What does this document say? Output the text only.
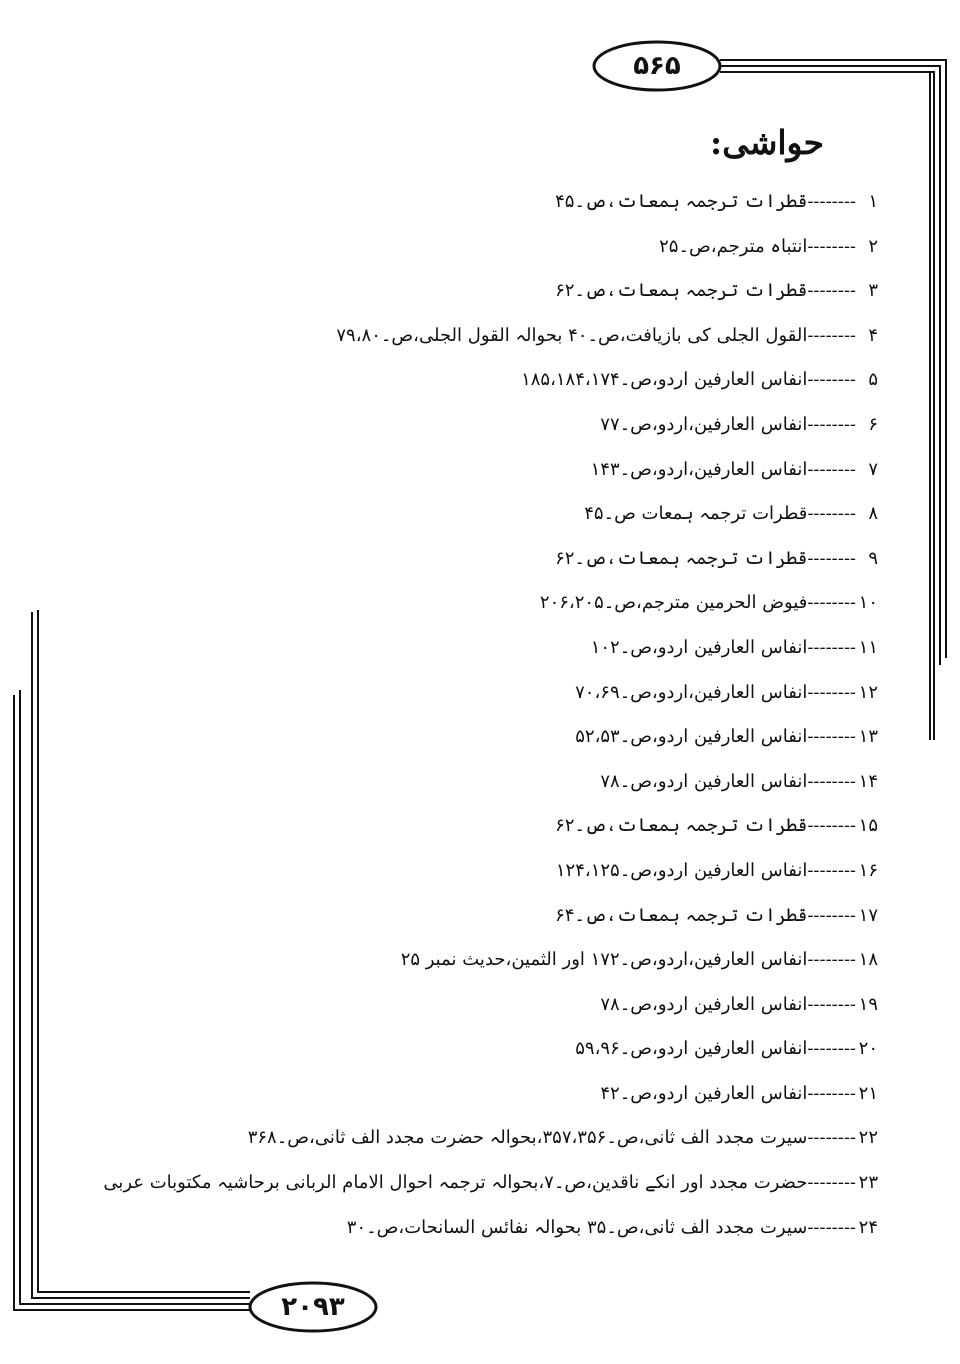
۵۶۵
۲۰۹۳
حواشی:
۱--------قطرات ترجمہ ہمعات،ص۔۴۵
۲--------انتباہ مترجم،ص۔۲۵
۳--------قطرات ترجمہ ہمعات،ص۔۶۲
۴--------القول الجلی کی بازیافت،ص۔۴۰ بحوالہ القول الجلی،ص۔۷۹،۸۰
۵--------انفاس العارفین اردو،ص۔۱۸۵،۱۸۴،۱۷۴
۶--------انفاس العارفین،اردو،ص۔۷۷
۷--------انفاس العارفین،اردو،ص۔۱۴۳
۸--------قطرات ترجمہ ہمعات ص۔۴۵
۹--------قطرات ترجمہ ہمعات،ص۔۶۲
۱۰--------فیوض الحرمین مترجم،ص۔۲۰۶،۲۰۵
۱۱--------انفاس العارفین اردو،ص۔۱۰۲
۱۲--------انفاس العارفین،اردو،ص۔۷۰،۶۹
۱۳--------انفاس العارفین اردو،ص۔۵۲،۵۳
۱۴--------انفاس العارفین اردو،ص۔۷۸
۱۵--------قطرات ترجمہ ہمعات،ص۔۶۲
۱۶--------انفاس العارفین اردو،ص۔۱۲۴،۱۲۵
۱۷--------قطرات ترجمہ ہمعات،ص۔۶۴
۱۸--------انفاس العارفین،اردو،ص۔۱۷۲ اور الثمین،حدیث نمبر ۲۵
۱۹--------انفاس العارفین اردو،ص۔۷۸
۲۰--------انفاس العارفین اردو،ص۔۵۹،۹۶
۲۱--------انفاس العارفین اردو،ص۔۴۲
۲۲--------سیرت مجدد الف ثانی،ص۔۳۵۷،۳۵۶،بحوالہ حضرت مجدد الف ثانی،ص۔۳۶۸
۲۳--------حضرت مجدد اور انکے ناقدین،ص۔۷،بحوالہ ترجمہ احوال الامام الربانی برحاشیہ مکتوبات عربی
۲۴--------سیرت مجدد الف ثانی،ص۔۳۵ بحوالہ نفائس السانحات،ص۔۳۰
